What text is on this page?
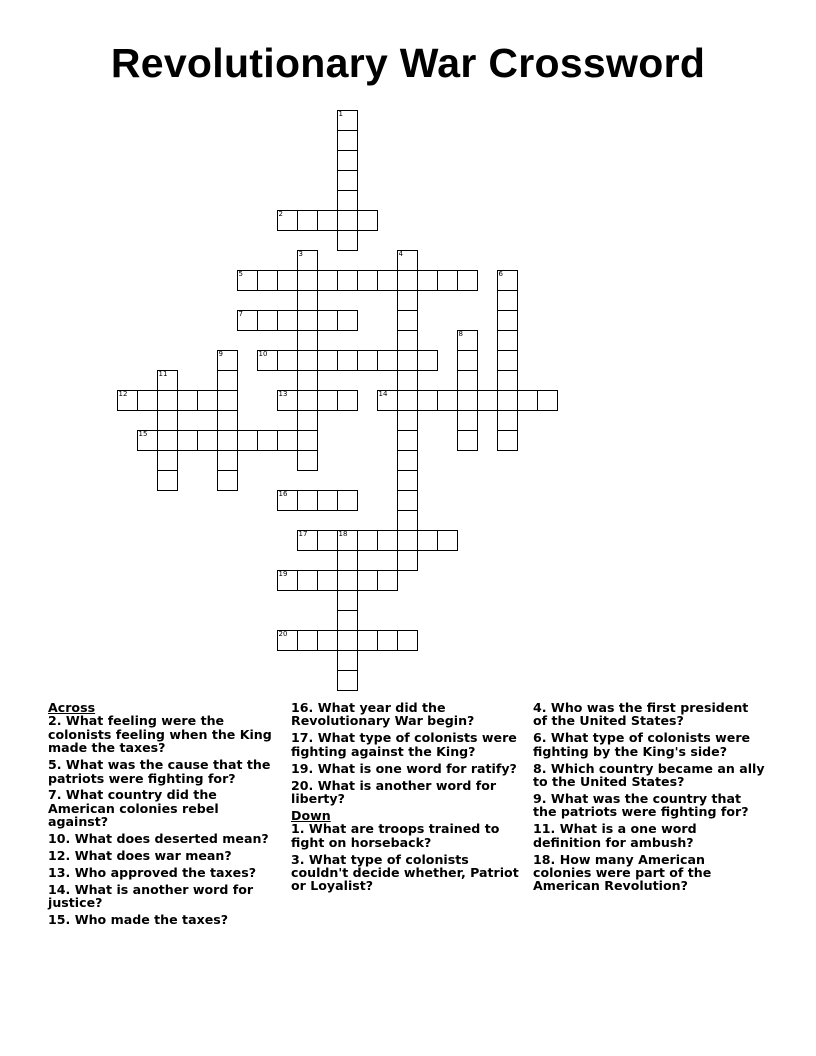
Revolutionary War Crossword
1
2
3	4
5	6
7
8
9	10
11
12	13	14
15
16
17	18
19
20
Across
2. What feeling were the colonists feeling when the King made the taxes?
5. What was the cause that the patriots were fighting for?
7. What country did the American colonies rebel against?
10. What does deserted mean?
12. What does war mean?
13. Who approved the taxes?
14. What is another word for justice?
15. Who made the taxes?
16. What year did the Revolutionary War begin?
17. What type of colonists were fighting against the King?
19. What is one word for ratify?
20. What is another word for liberty?
Down
1. What are troops trained to fight on horseback?
3. What type of colonists couldn't decide whether, Patriot or Loyalist?
4. Who was the first president of the United States?
6. What type of colonists were fighting by the King's side?
8. Which country became an ally to the United States?
9. What was the country that the patriots were fighting for?
11. What is a one word definition for ambush?
18. How many American colonies were part of the American Revolution?
